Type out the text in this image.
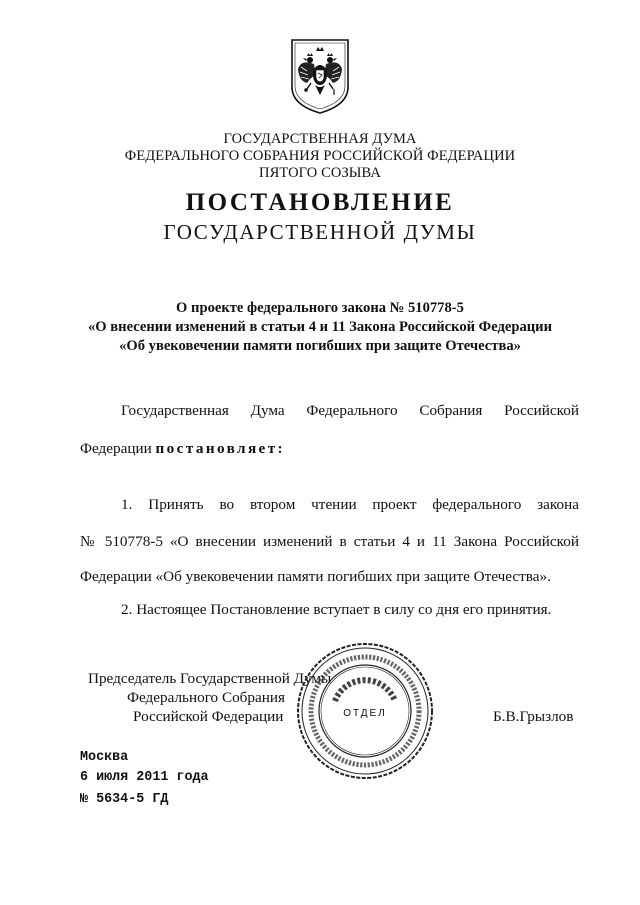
ГОСУДАРСТВЕННАЯ ДУМА
ФЕДЕРАЛЬНОГО СОБРАНИЯ РОССИЙСКОЙ ФЕДЕРАЦИИ
ПЯТОГО СОЗЫВА
ПОСТАНОВЛЕНИЕ
ГОСУДАРСТВЕННОЙ ДУМЫ
О проекте федерального закона № 510778-5
«О внесении изменений в статьи 4 и 11 Закона Российской Федерации
«Об увековечении памяти погибших при защите Отечества»
Государственная Дума Федерального Собрания Российской
Федерации постановляет:
1. Принять во втором чтении проект федерального закона
№ 510778-5 «О внесении изменений в статьи 4 и 11 Закона Российской
Федерации «Об увековечении памяти погибших при защите Отечества».
2. Настоящее Постановление вступает в силу со дня его принятия.
Председатель Государственной Думы
Федерального Собрания
Российской Федерации	Б.В.Грызлов
ОТДЕЛ
Москва
6 июля 2011 года
№ 5634-5 ГД
